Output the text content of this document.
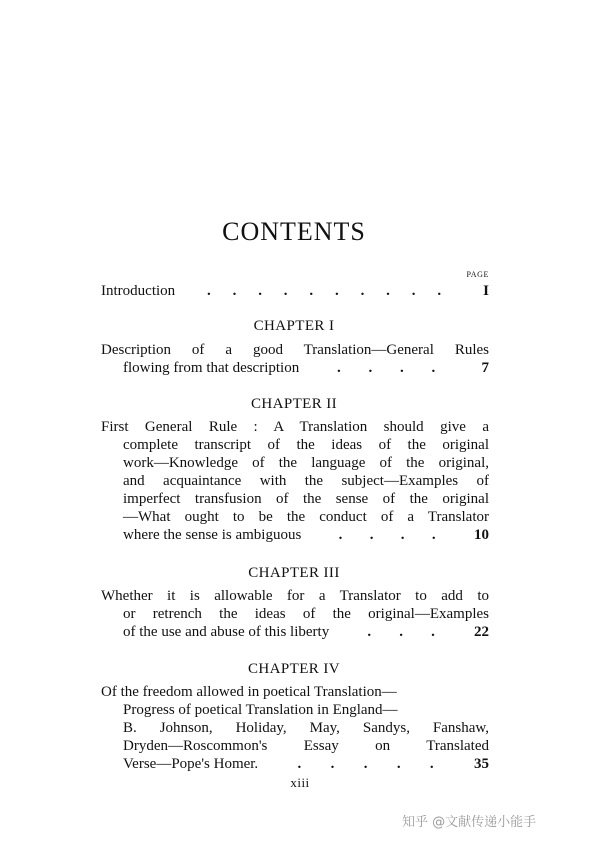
CONTENTS
PAGE
Introduction . . . . . . . . . .	I
CHAPTER I
Description of a good Translation—General Rules
flowing from that description	. . . .	7
CHAPTER II
First General Rule : A Translation should give a
complete transcript of the ideas of the original
work—Knowledge of the language of the original,
and acquaintance with the subject—Examples of
imperfect transfusion of the sense of the original
—What ought to be the conduct of a Translator
where the sense is ambiguous . . . .	10
CHAPTER III
Whether it is allowable for a Translator to add to
or retrench the ideas of the original—Examples
of the use and abuse of this liberty	. . .	22
CHAPTER IV
Of the freedom allowed in poetical Translation—
Progress of poetical Translation in England—
B. Johnson, Holiday, May, Sandys, Fanshaw,
Dryden—Roscommon's Essay on Translated
Verse—Pope's Homer.	. . . . .	35
xiii
知乎 @文献传递小能手
